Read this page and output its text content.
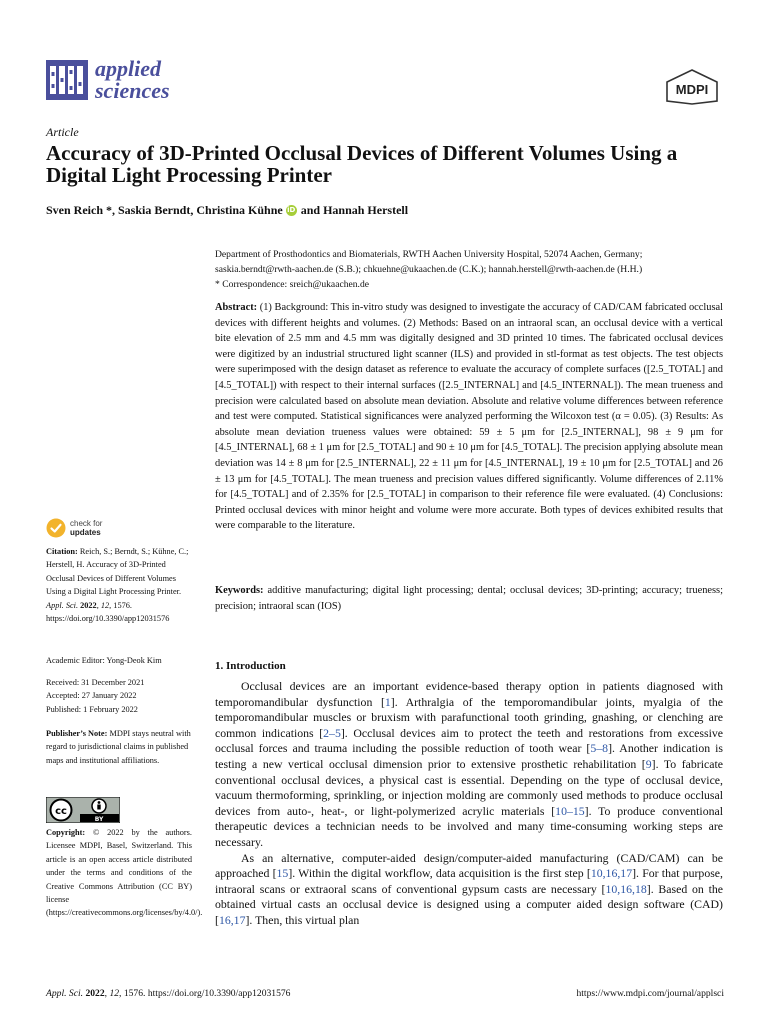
applied
sciences	MDPI
Article
Accuracy of 3D-Printed Occlusal Devices of Different Volumes Using a Digital Light Processing Printer
Sven Reich *, Saskia Berndt, Christina Kühne iD and Hannah Herstell
Department of Prosthodontics and Biomaterials, RWTH Aachen University Hospital, 52074 Aachen, Germany;
saskia.berndt@rwth-aachen.de (S.B.); chkuehne@ukaachen.de (C.K.); hannah.herstell@rwth-aachen.de (H.H.)
* Correspondence: sreich@ukaachen.de
Abstract: (1) Background: This in-vitro study was designed to investigate the accuracy of CAD/CAM fabricated occlusal devices with different heights and volumes. (2) Methods: Based on an intraoral scan, an occlusal device with a vertical bite elevation of 2.5 mm and 4.5 mm was digitally designed and 3D printed 10 times. The fabricated occlusal devices were digitized by an industrial structured light scanner (ILS) and provided in stl-format as test objects. The test objects were superimposed with the design dataset as reference to evaluate the accuracy of complete surfaces ([2.5_TOTAL] and [4.5_TOTAL]) with respect to their internal surfaces ([2.5_INTERNAL] and [4.5_INTERNAL]). The mean trueness and precision were calculated based on absolute mean deviation. Absolute and relative volume differences between reference and test were computed. Statistical significances were analyzed performing the Wilcoxon test (α = 0.05). (3) Results: As absolute mean deviation trueness values were obtained: 59 ± 5 μm for [2.5_INTERNAL], 98 ± 9 μm for [4.5_INTERNAL], 68 ± 1 μm for [2.5_TOTAL] and 90 ± 10 μm for [4.5_TOTAL]. The precision applying absolute mean deviation was 14 ± 8 μm for [2.5_INTERNAL], 22 ± 11 μm for [4.5_INTERNAL], 19 ± 10 μm for [2.5_TOTAL] and 26 ± 13 μm for [4.5_TOTAL]. The mean trueness and precision values differed significantly. Volume differences of 2.11% for [4.5_TOTAL] and of 2.35% for [2.5_TOTAL] in comparison to their reference file were evaluated. (4) Conclusions: Printed occlusal devices with minor height and volume were more accurate. Both types of devices exhibited results that were comparable to the literature.
Keywords: additive manufacturing; digital light processing; dental; occlusal devices; 3D-printing; accuracy; trueness; precision; intraoral scan (IOS)
1. Introduction

Occlusal devices are an important evidence-based therapy option in patients diagnosed with temporomandibular dysfunction [1]. Arthralgia of the temporomandibular joints, myalgia of the temporomandibular muscles or bruxism with parafunctional tooth grinding, gnashing, or clenching are common indications [2–5]. Occlusal devices aim to protect the teeth and restorations from excessive occlusal forces and trauma including the possible reduction of tooth wear [5–8]. Another indication is testing a new vertical occlusal dimension prior to extensive prosthetic rehabilitation [9]. To fabricate conventional occlusal devices, a physical cast is essential. Depending on the type of occlusal device, vacuum thermoforming, sprinkling, or injection molding are commonly used methods to produce occlusal devices from auto-, heat-, or light-polymerized acrylic materials [10–15]. To produce conventional therapeutic devices a technician needs to be involved and many time-consuming working steps are necessary.

As an alternative, computer-aided design/computer-aided manufacturing (CAD/CAM) can be approached [15]. Within the digital workflow, data acquisition is the first step [10,16,17]. For that purpose, intraoral scans or extraoral scans of conventional gypsum casts are necessary [10,16,18]. Based on the obtained virtual casts an occlusal device is designed using a computer aided design software (CAD) [16,17]. Then, this virtual plan

check for
updates
Citation: Reich, S.; Berndt, S.; Kühne, C.; Herstell, H. Accuracy of 3D-Printed Occlusal Devices of Different Volumes Using a Digital Light Processing Printer. Appl. Sci. 2022, 12, 1576. https://doi.org/10.3390/app12031576
Academic Editor: Yong-Deok Kim
Received: 31 December 2021
Accepted: 27 January 2022
Published: 1 February 2022
Publisher’s Note: MDPI stays neutral with regard to jurisdictional claims in published maps and institutional affiliations.
cc
BY
Copyright: © 2022 by the authors. Licensee MDPI, Basel, Switzerland. This article is an open access article distributed under the terms and conditions of the Creative Commons Attribution (CC BY) license (https://creativecommons.org/licenses/by/4.0/).
Appl. Sci. 2022, 12, 1576. https://doi.org/10.3390/app12031576	https://www.mdpi.com/journal/applsci
